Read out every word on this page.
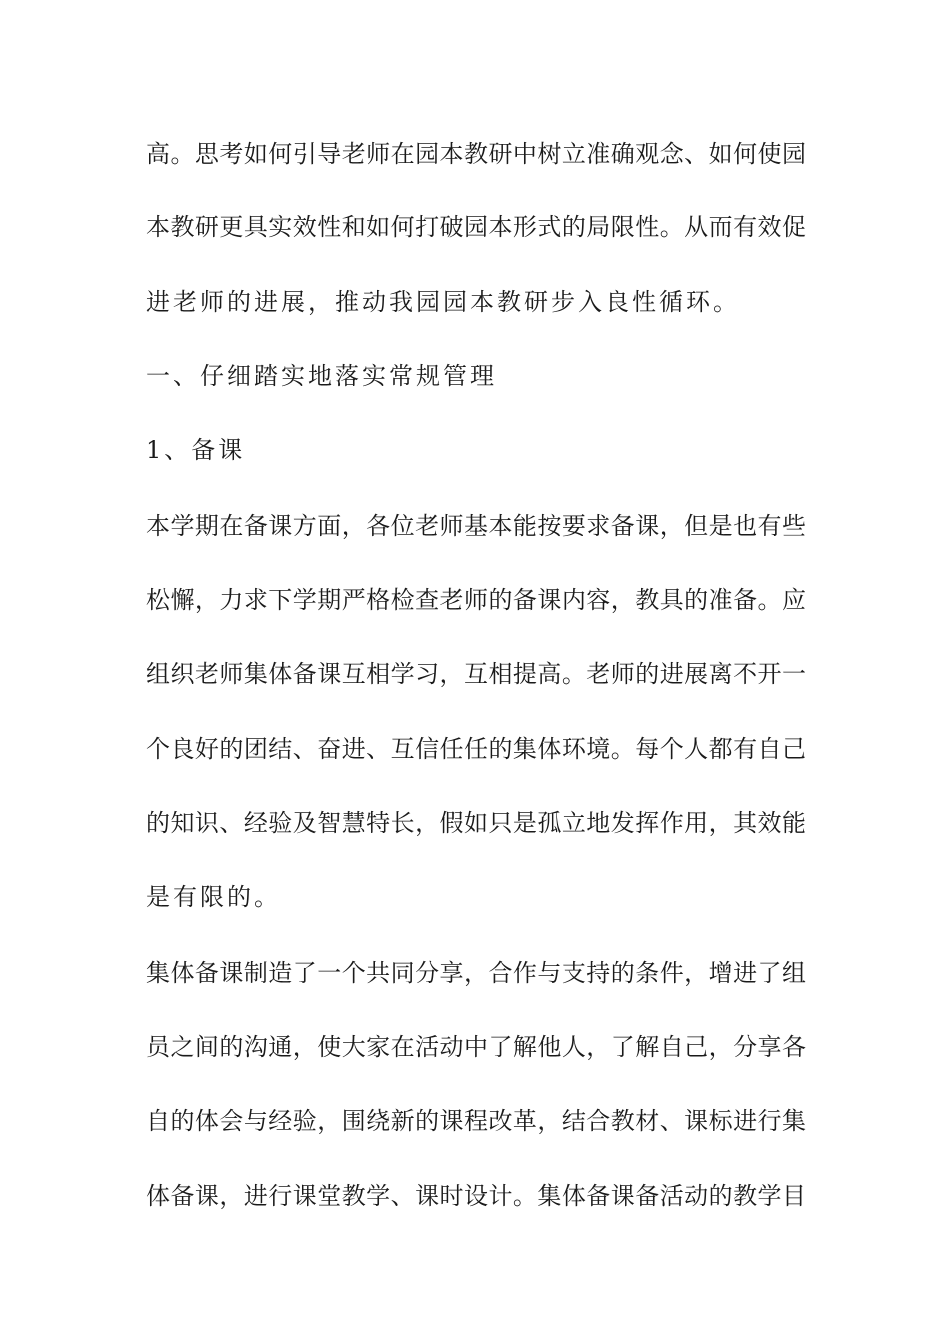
高。思考如何引导老师在园本教研中树立准确观念、如何使园
本教研更具实效性和如何打破园本形式的局限性。从而有效促
进老师的进展，推动我园园本教研步入良性循环。
一、仔细踏实地落实常规管理
1、备课
本学期在备课方面，各位老师基本能按要求备课，但是也有些
松懈，力求下学期严格检查老师的备课内容，教具的准备。应
组织老师集体备课互相学习，互相提高。老师的进展离不开一
个良好的团结、奋进、互信任任的集体环境。每个人都有自己
的知识、经验及智慧特长，假如只是孤立地发挥作用，其效能
是有限的。
集体备课制造了一个共同分享，合作与支持的条件，增进了组
员之间的沟通，使大家在活动中了解他人，了解自己，分享各
自的体会与经验，围绕新的课程改革，结合教材、课标进行集
体备课，进行课堂教学、课时设计。集体备课备活动的教学目
